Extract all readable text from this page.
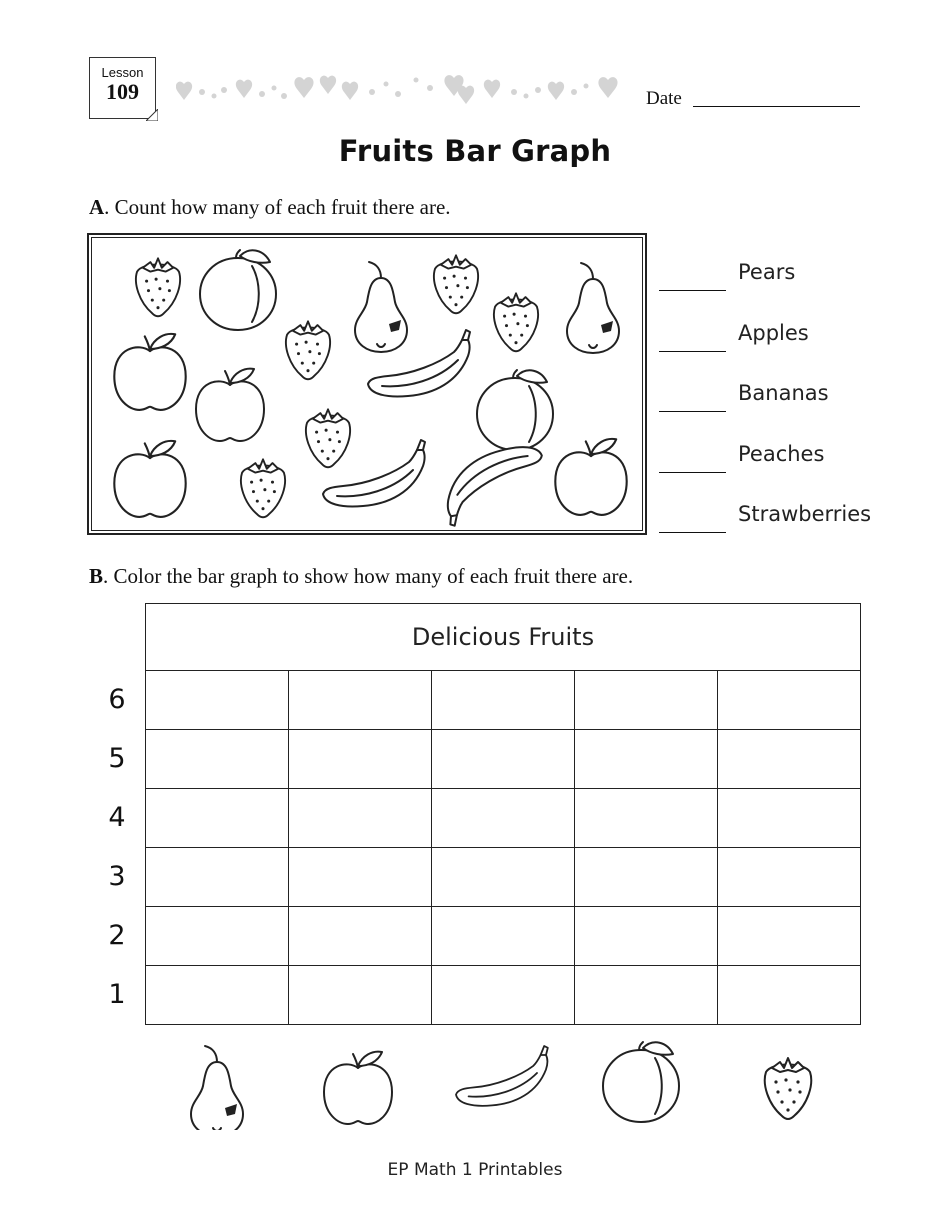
Lesson
109	Date
Fruits Bar Graph
A. Count how many of each fruit there are.
Pears
Apples
Bananas
Peaches
Strawberries
B. Color the bar graph to show how many of each fruit there are.
Delicious Fruits				

6
5
4
3
2
1
EP Math 1 Printables
